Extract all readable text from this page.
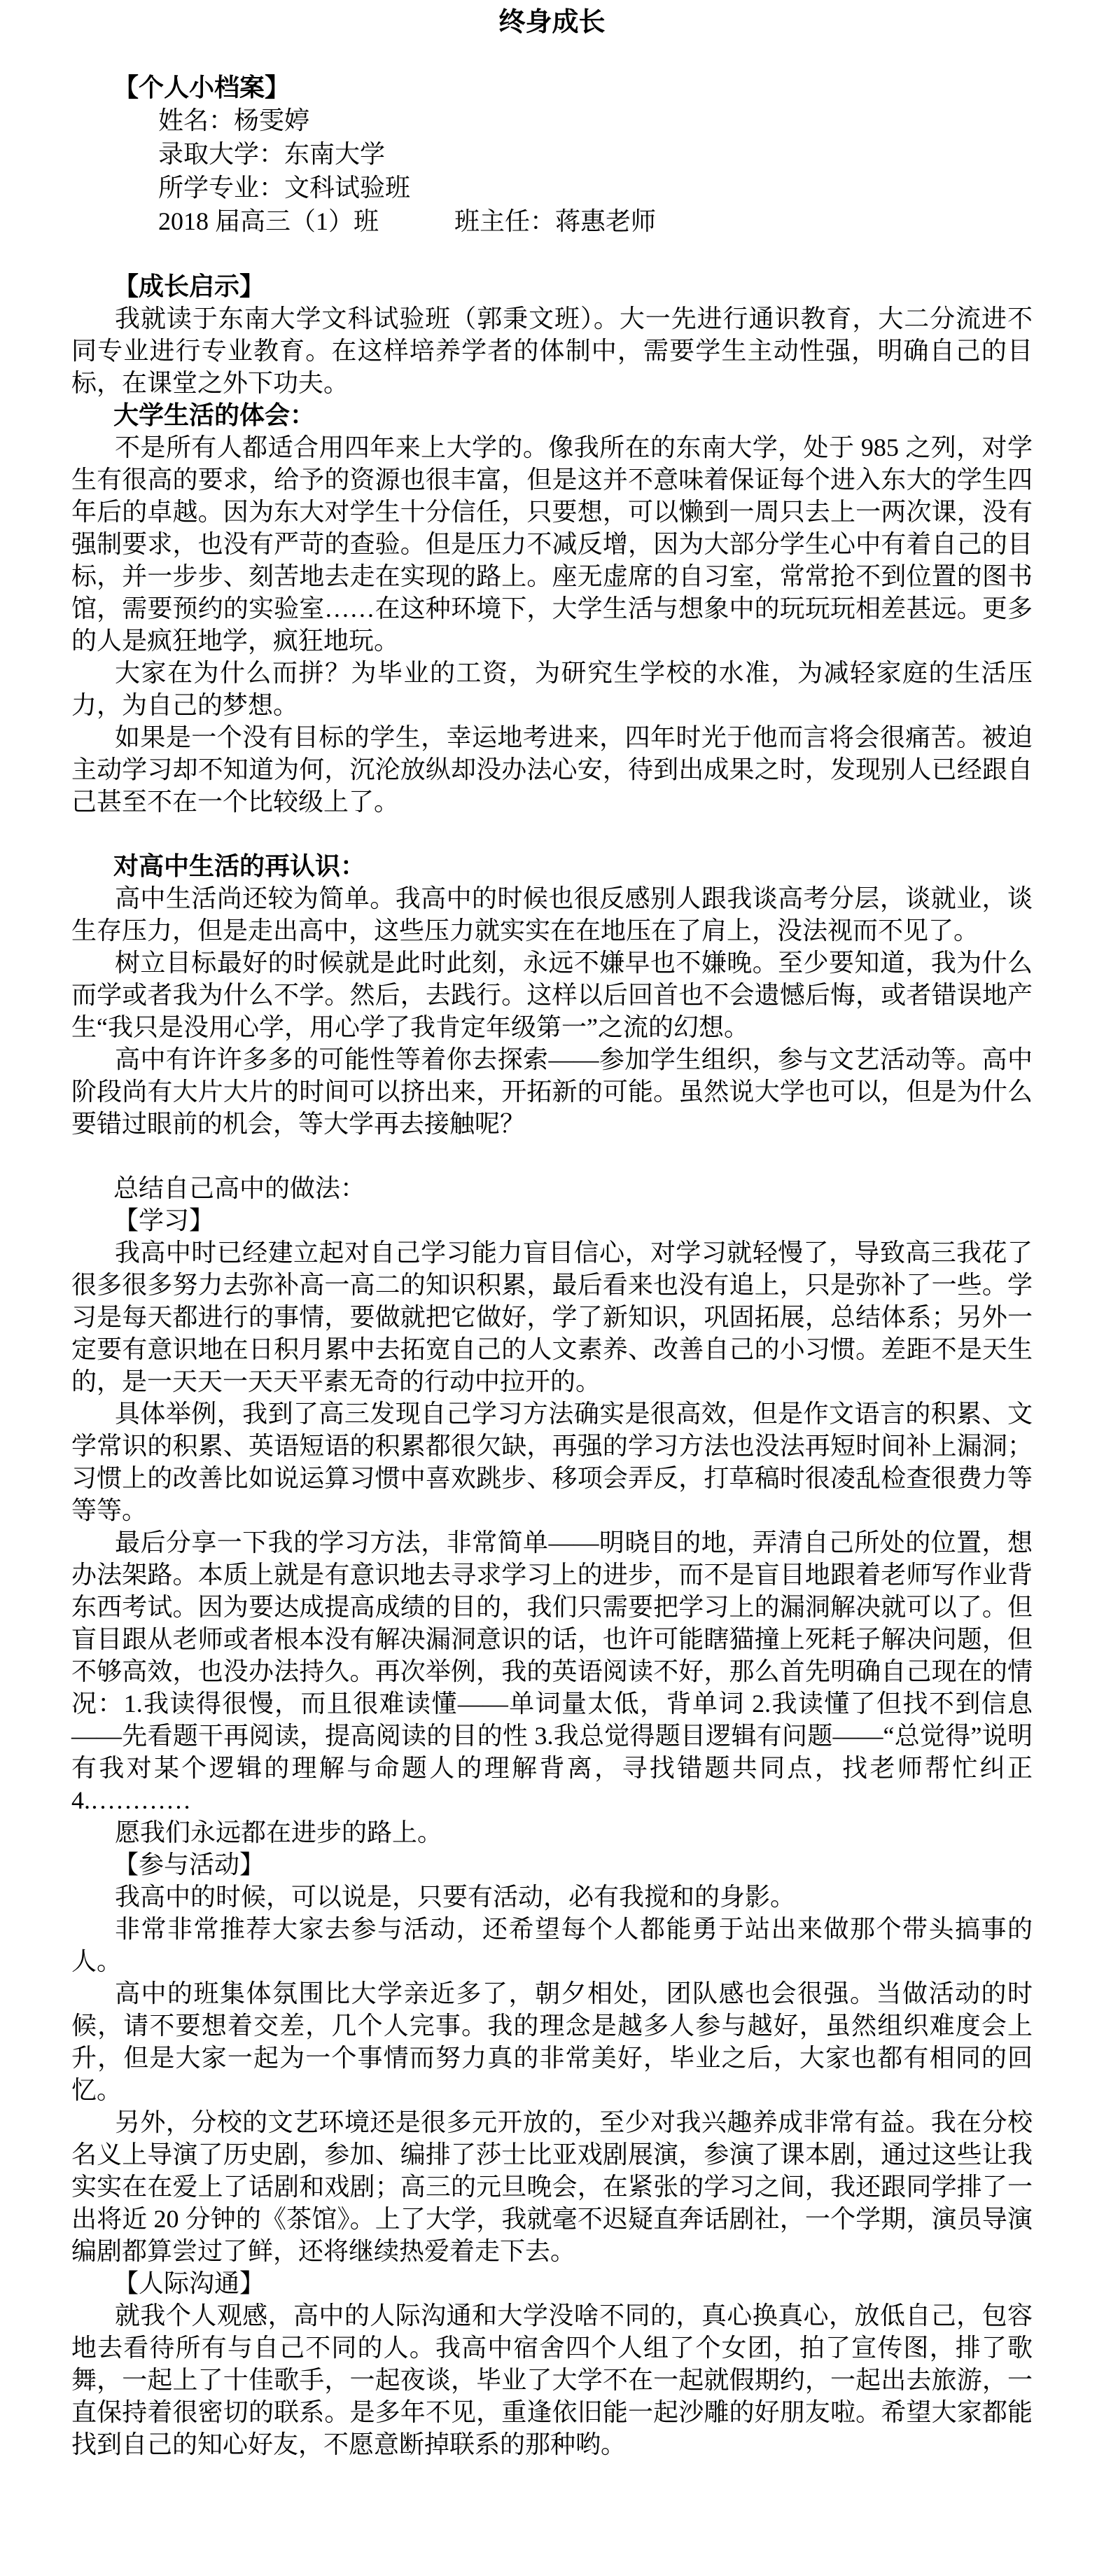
终身成长

【个人小档案】

姓名：杨雯婷

录取大学：东南大学

所学专业：文科试验班

2018 届高三（1）班　　　班主任：蒋惠老师

【成长启示】

我就读于东南大学文科试验班（郭秉文班）。大一先进行通识教育，大二分流进不同专业进行专业教育。在这样培养学者的体制中，需要学生主动性强，明确自己的目标，在课堂之外下功夫。

大学生活的体会：

不是所有人都适合用四年来上大学的。像我所在的东南大学，处于 985 之列，对学生有很高的要求，给予的资源也很丰富，但是这并不意味着保证每个进入东大的学生四年后的卓越。因为东大对学生十分信任，只要想，可以懒到一周只去上一两次课，没有强制要求，也没有严苛的查验。但是压力不减反增，因为大部分学生心中有着自己的目标，并一步步、刻苦地去走在实现的路上。座无虚席的自习室，常常抢不到位置的图书馆，需要预约的实验室……在这种环境下，大学生活与想象中的玩玩玩相差甚远。更多的人是疯狂地学，疯狂地玩。

大家在为什么而拼？为毕业的工资，为研究生学校的水准，为减轻家庭的生活压力，为自己的梦想。

如果是一个没有目标的学生，幸运地考进来，四年时光于他而言将会很痛苦。被迫主动学习却不知道为何，沉沦放纵却没办法心安，待到出成果之时，发现别人已经跟自己甚至不在一个比较级上了。

对高中生活的再认识：

高中生活尚还较为简单。我高中的时候也很反感别人跟我谈高考分层，谈就业，谈生存压力，但是走出高中，这些压力就实实在在地压在了肩上，没法视而不见了。

树立目标最好的时候就是此时此刻，永远不嫌早也不嫌晚。至少要知道，我为什么而学或者我为什么不学。然后，去践行。这样以后回首也不会遗憾后悔，或者错误地产生“我只是没用心学，用心学了我肯定年级第一”之流的幻想。

高中有许许多多的可能性等着你去探索——参加学生组织，参与文艺活动等。高中阶段尚有大片大片的时间可以挤出来，开拓新的可能。虽然说大学也可以，但是为什么要错过眼前的机会，等大学再去接触呢？

总结自己高中的做法：

【学习】

我高中时已经建立起对自己学习能力盲目信心，对学习就轻慢了，导致高三我花了很多很多努力去弥补高一高二的知识积累，最后看来也没有追上，只是弥补了一些。学习是每天都进行的事情，要做就把它做好，学了新知识，巩固拓展，总结体系；另外一定要有意识地在日积月累中去拓宽自己的人文素养、改善自己的小习惯。差距不是天生的，是一天天一天天平素无奇的行动中拉开的。

具体举例，我到了高三发现自己学习方法确实是很高效，但是作文语言的积累、文学常识的积累、英语短语的积累都很欠缺，再强的学习方法也没法再短时间补上漏洞；习惯上的改善比如说运算习惯中喜欢跳步、移项会弄反，打草稿时很凌乱检查很费力等等等。

最后分享一下我的学习方法，非常简单——明晓目的地，弄清自己所处的位置，想办法架路。本质上就是有意识地去寻求学习上的进步，而不是盲目地跟着老师写作业背东西考试。因为要达成提高成绩的目的，我们只需要把学习上的漏洞解决就可以了。但盲目跟从老师或者根本没有解决漏洞意识的话，也许可能瞎猫撞上死耗子解决问题，但不够高效，也没办法持久。再次举例，我的英语阅读不好，那么首先明确自己现在的情况：1.我读得很慢，而且很难读懂——单词量太低，背单词 2.我读懂了但找不到信息——先看题干再阅读，提高阅读的目的性 3.我总觉得题目逻辑有问题——“总觉得”说明有我对某个逻辑的理解与命题人的理解背离，寻找错题共同点，找老师帮忙纠正 4.…………

愿我们永远都在进步的路上。

【参与活动】

我高中的时候，可以说是，只要有活动，必有我搅和的身影。

非常非常推荐大家去参与活动，还希望每个人都能勇于站出来做那个带头搞事的人。

高中的班集体氛围比大学亲近多了，朝夕相处，团队感也会很强。当做活动的时候，请不要想着交差，几个人完事。我的理念是越多人参与越好，虽然组织难度会上升，但是大家一起为一个事情而努力真的非常美好，毕业之后，大家也都有相同的回忆。

另外，分校的文艺环境还是很多元开放的，至少对我兴趣养成非常有益。我在分校名义上导演了历史剧，参加、编排了莎士比亚戏剧展演，参演了课本剧，通过这些让我实实在在爱上了话剧和戏剧；高三的元旦晚会，在紧张的学习之间，我还跟同学排了一出将近 20 分钟的《茶馆》。上了大学，我就毫不迟疑直奔话剧社，一个学期，演员导演编剧都算尝过了鲜，还将继续热爱着走下去。

【人际沟通】

就我个人观感，高中的人际沟通和大学没啥不同的，真心换真心，放低自己，包容地去看待所有与自己不同的人。我高中宿舍四个人组了个女团，拍了宣传图，排了歌舞，一起上了十佳歌手，一起夜谈，毕业了大学不在一起就假期约，一起出去旅游，一直保持着很密切的联系。是多年不见，重逢依旧能一起沙雕的好朋友啦。希望大家都能找到自己的知心好友，不愿意断掉联系的那种哟。
